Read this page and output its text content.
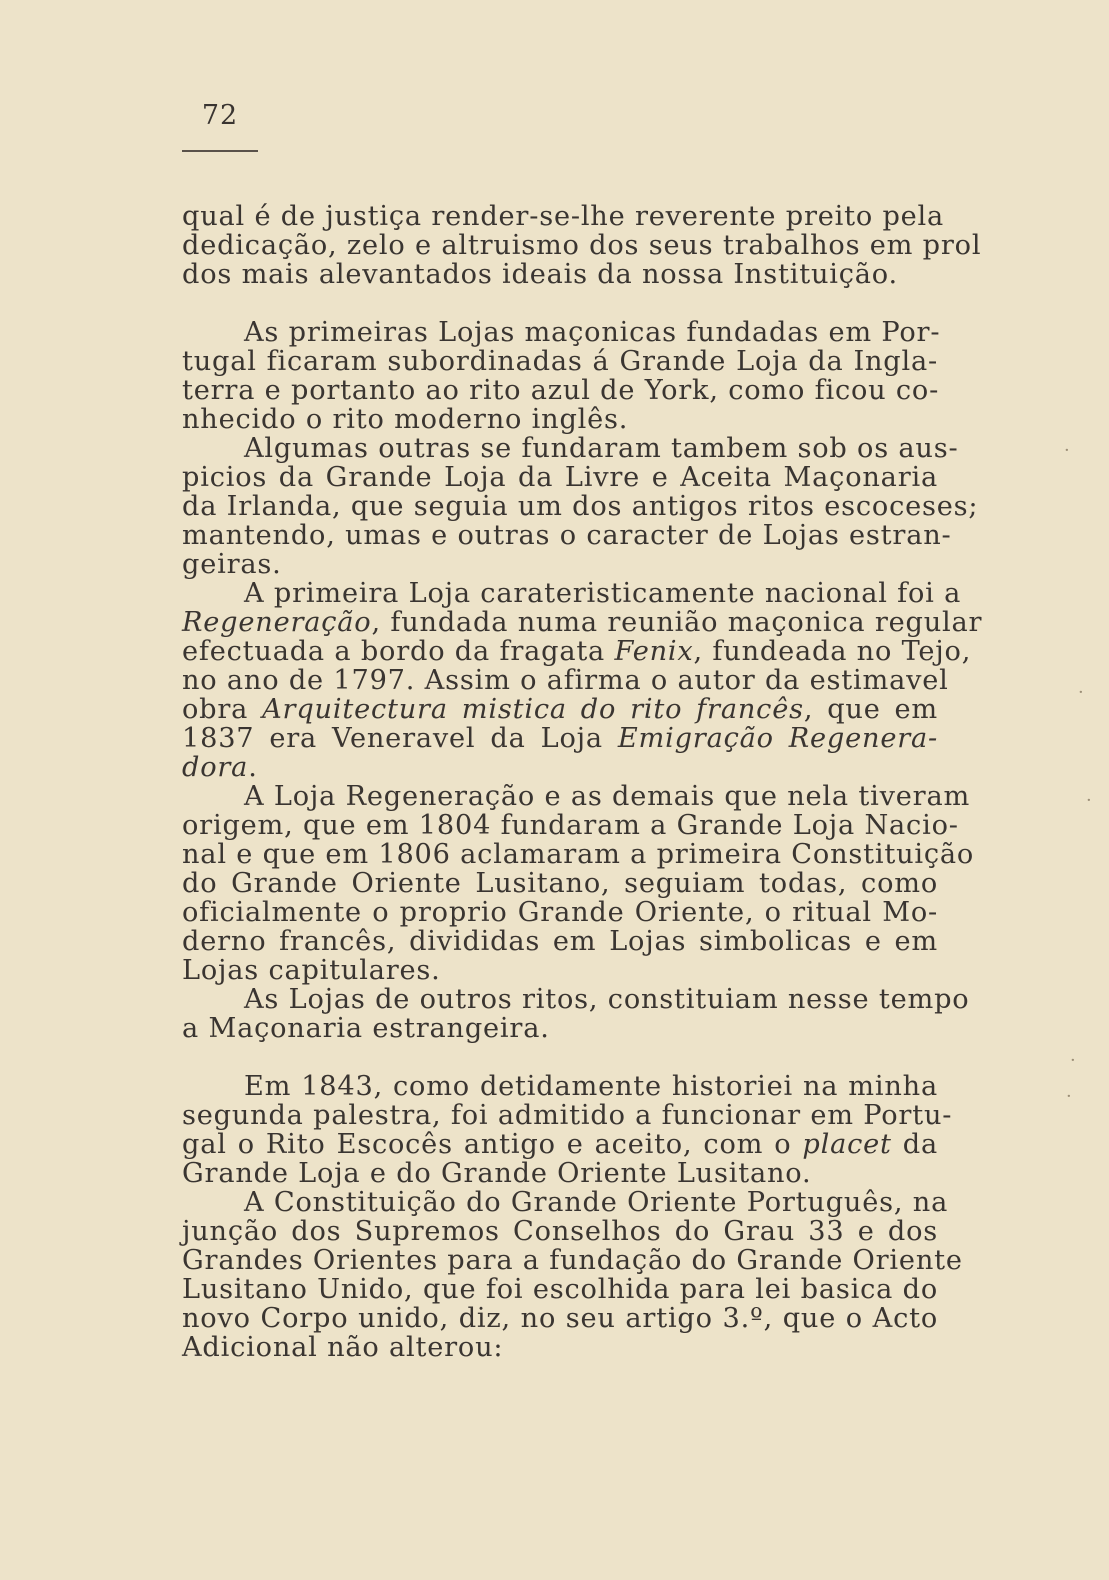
72
qual é de justiça render-se-lhe reverente preito pela
dedicação, zelo e altruismo dos seus trabalhos em prol
dos mais alevantados ideais da nossa Instituição.
As primeiras Lojas maçonicas fundadas em Por-
tugal ficaram subordinadas á Grande Loja da Ingla-
terra e portanto ao rito azul de York, como ficou co-
nhecido o rito moderno inglês.
Algumas outras se fundaram tambem sob os aus-
picios da Grande Loja da Livre e Aceita Maçonaria
da Irlanda, que seguia um dos antigos ritos escoceses;
mantendo, umas e outras o caracter de Lojas estran-
geiras.
A primeira Loja carateristicamente nacional foi a
Regeneração, fundada numa reunião maçonica regular
efectuada a bordo da fragata Fenix, fundeada no Tejo,
no ano de 1797. Assim o afirma o autor da estimavel
obra Arquitectura mistica do rito francês, que em
1837 era Veneravel da Loja Emigração Regenera-
dora.
A Loja Regeneração e as demais que nela tiveram
origem, que em 1804 fundaram a Grande Loja Nacio-
nal e que em 1806 aclamaram a primeira Constituição
do Grande Oriente Lusitano, seguiam todas, como
oficialmente o proprio Grande Oriente, o ritual Mo-
derno francês, divididas em Lojas simbolicas e em
Lojas capitulares.
As Lojas de outros ritos, constituiam nesse tempo
a Maçonaria estrangeira.
Em 1843, como detidamente historiei na minha
segunda palestra, foi admitido a funcionar em Portu-
gal o Rito Escocês antigo e aceito, com o placet da
Grande Loja e do Grande Oriente Lusitano.
A Constituição do Grande Oriente Português, na
junção dos Supremos Conselhos do Grau 33 e dos
Grandes Orientes para a fundação do Grande Oriente
Lusitano Unido, que foi escolhida para lei basica do
novo Corpo unido, diz, no seu artigo 3.º, que o Acto
Adicional não alterou:
·
·
·
·
·
